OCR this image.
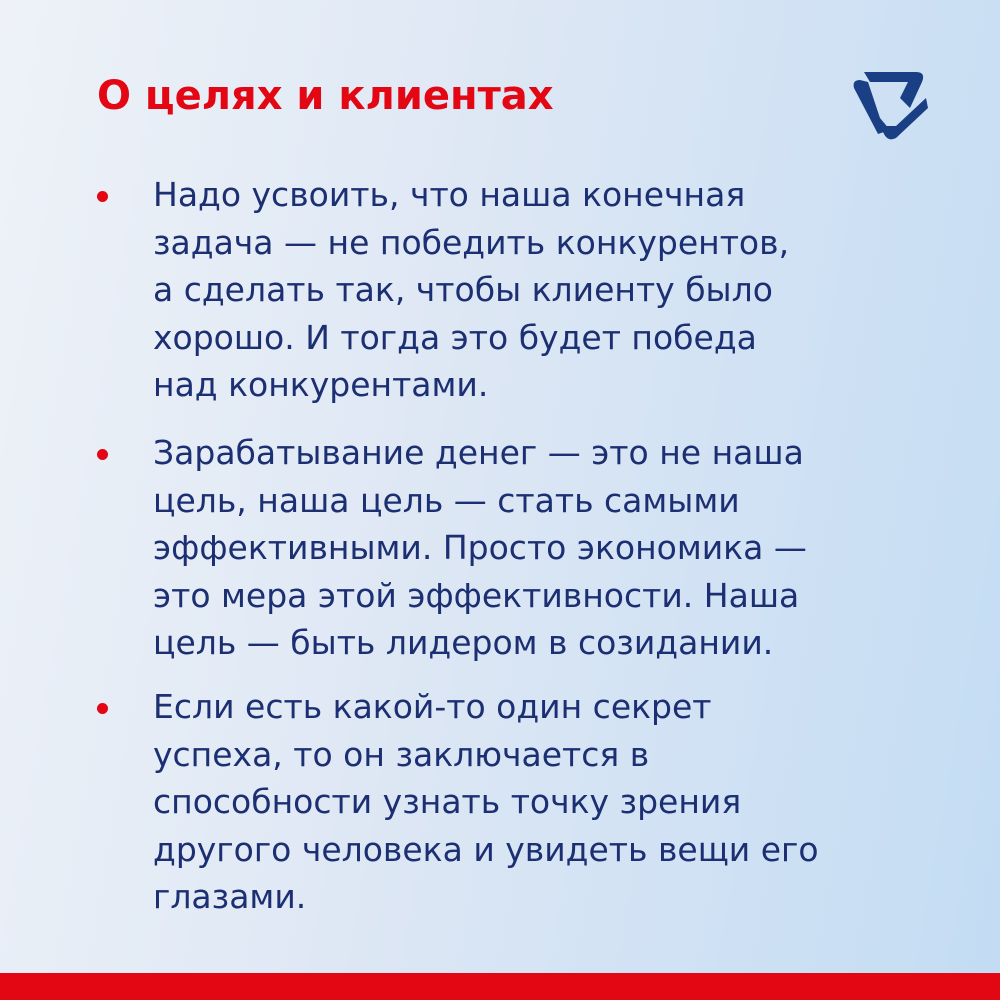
О целях и клиентах
Надо усвоить, что наша конечная
задача — не победить конкурентов,
а сделать так, чтобы клиенту было
хорошо. И тогда это будет победа
над конкурентами.
Зарабатывание денег — это не наша
цель, наша цель — стать самыми
эффективными. Просто экономика —
это мера этой эффективности. Наша
цель — быть лидером в созидании.
Если есть какой-то один секрет
успеха, то он заключается в
способности узнать точку зрения
другого человека и увидеть вещи его
глазами.
